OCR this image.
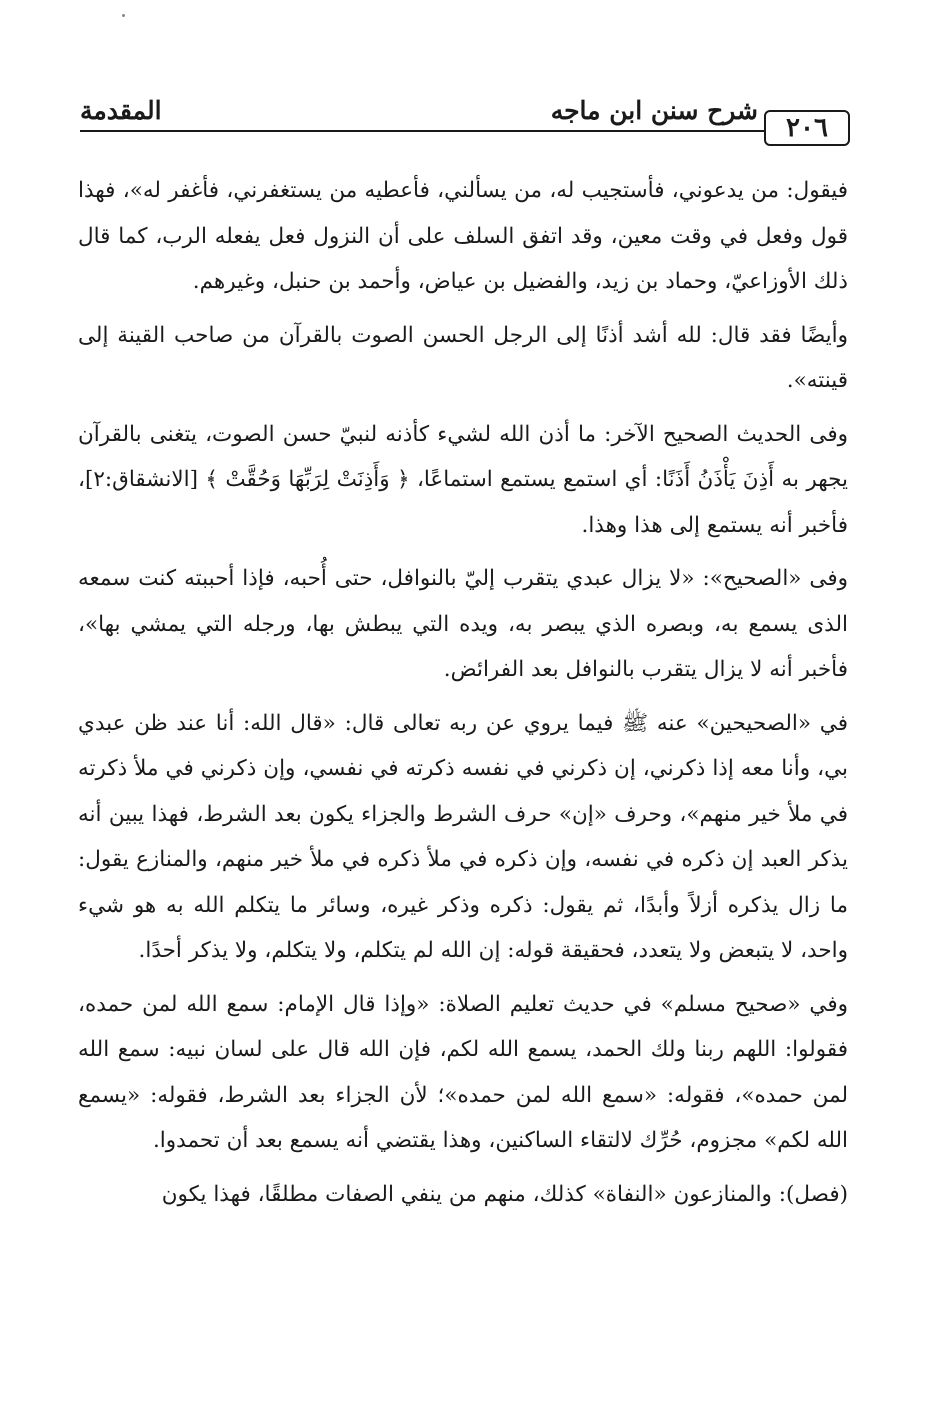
٢٠٦
شرح سنن ابن ماجه
المقدمة

فيقول: من يدعوني، فأستجيب له، من يسألني، فأعطيه من يستغفرني، فأغفر له»، فهذا قول وفعل في وقت معين، وقد اتفق السلف على أن النزول فعل يفعله الرب، كما قال ذلك الأوزاعيّ، وحماد بن زيد، والفضيل بن عياض، وأحمد بن حنبل، وغيرهم.

وأيضًا فقد قال: لله أشد أذنًا إلى الرجل الحسن الصوت بالقرآن من صاحب القينة إلى قينته».

وفى الحديث الصحيح الآخر: ما أذن الله لشيء كأذنه لنبيّ حسن الصوت، يتغنى بالقرآن يجهر به أَذِنَ يَأْذَنُ أَذَنًا: أي استمع يستمع استماعًا، ﴿ وَأَذِنَتْ لِرَبِّهَا وَحُقَّتْ ﴾ [الانشقاق:٢]، فأخبر أنه يستمع إلى هذا وهذا.

وفى «الصحيح»: «لا يزال عبدي يتقرب إليّ بالنوافل، حتى أُحبه، فإذا أحببته كنت سمعه الذى يسمع به، وبصره الذي يبصر به، ويده التي يبطش بها، ورجله التي يمشي بها»، فأخبر أنه لا يزال يتقرب بالنوافل بعد الفرائض.

في «الصحيحين» عنه ﷺ فيما يروي عن ربه تعالى قال: «قال الله: أنا عند ظن عبدي بي، وأنا معه إذا ذكرني، إن ذكرني في نفسه ذكرته في نفسي، وإن ذكرني في ملأ ذكرته في ملأ خير منهم»، وحرف «إن» حرف الشرط والجزاء يكون بعد الشرط، فهذا يبين أنه يذكر العبد إن ذكره في نفسه، وإن ذكره في ملأ ذكره في ملأ خير منهم، والمنازع يقول: ما زال يذكره أزلاً وأبدًا، ثم يقول: ذكره وذكر غيره، وسائر ما يتكلم الله به هو شيء واحد، لا يتبعض ولا يتعدد، فحقيقة قوله: إن الله لم يتكلم، ولا يتكلم، ولا يذكر أحدًا.

وفي «صحيح مسلم» في حديث تعليم الصلاة: «وإذا قال الإمام: سمع الله لمن حمده، فقولوا: اللهم ربنا ولك الحمد، يسمع الله لكم، فإن الله قال على لسان نبيه: سمع الله لمن حمده»، فقوله: «سمع الله لمن حمده»؛ لأن الجزاء بعد الشرط، فقوله: «يسمع الله لكم» مجزوم، حُرِّك لالتقاء الساكنين، وهذا يقتضي أنه يسمع بعد أن تحمدوا.

(فصل): والمنازعون «النفاة» كذلك، منهم من ينفي الصفات مطلقًا، فهذا يكون
